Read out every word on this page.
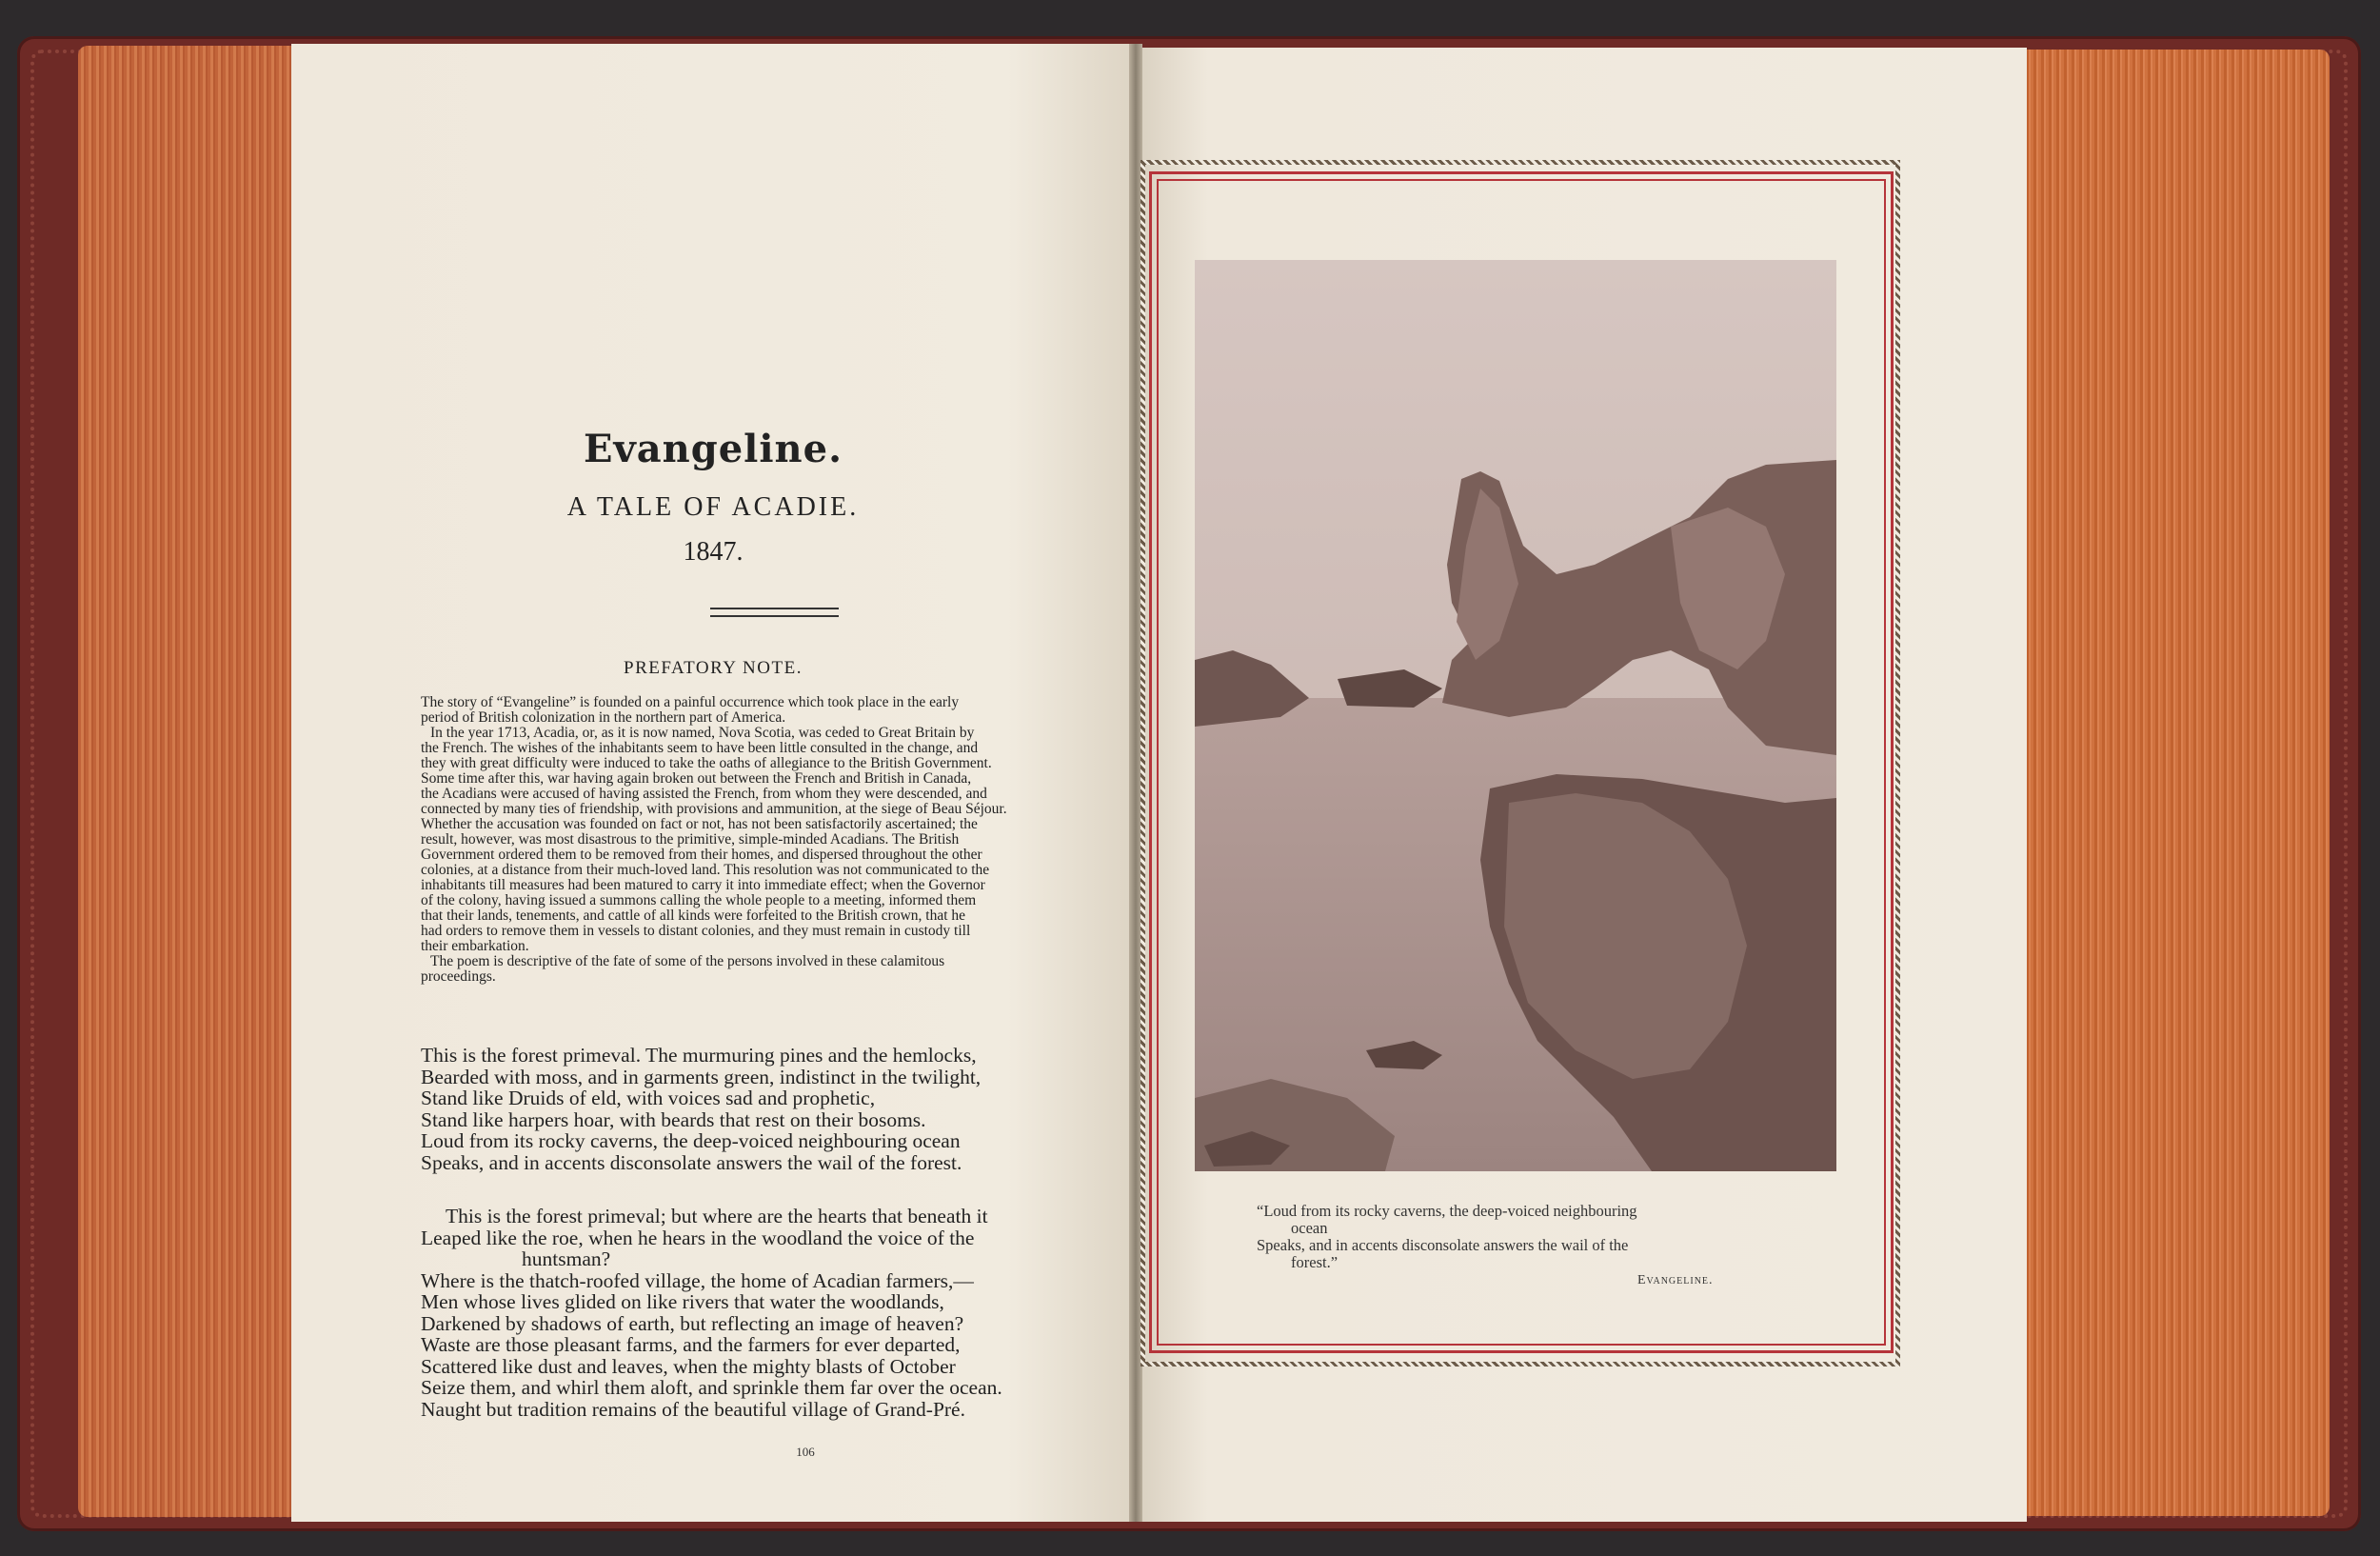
Evangeline.
A TALE OF ACADIE.
1847.
PREFATORY NOTE.

The story of “Evangeline” is founded on a painful occurrence which took place in the early

period of British colonization in the northern part of America.

In the year 1713, Acadia, or, as it is now named, Nova Scotia, was ceded to Great Britain by

the French. The wishes of the inhabitants seem to have been little consulted in the change, and

they with great difficulty were induced to take the oaths of allegiance to the British Government.

Some time after this, war having again broken out between the French and British in Canada,

the Acadians were accused of having assisted the French, from whom they were descended, and

connected by many ties of friendship, with provisions and ammunition, at the siege of Beau Séjour.

Whether the accusation was founded on fact or not, has not been satisfactorily ascertained; the

result, however, was most disastrous to the primitive, simple-minded Acadians. The British

Government ordered them to be removed from their homes, and dispersed throughout the other

colonies, at a distance from their much-loved land. This resolution was not communicated to the

inhabitants till measures had been matured to carry it into immediate effect; when the Governor

of the colony, having issued a summons calling the whole people to a meeting, informed them

that their lands, tenements, and cattle of all kinds were forfeited to the British crown, that he

had orders to remove them in vessels to distant colonies, and they must remain in custody till

their embarkation.

The poem is descriptive of the fate of some of the persons involved in these calamitous

proceedings.

This is the forest primeval. The murmuring pines and the hemlocks,

Bearded with moss, and in garments green, indistinct in the twilight,

Stand like Druids of eld, with voices sad and prophetic,

Stand like harpers hoar, with beards that rest on their bosoms.

Loud from its rocky caverns, the deep-voiced neighbouring ocean

Speaks, and in accents disconsolate answers the wail of the forest.

This is the forest primeval; but where are the hearts that beneath it

Leaped like the roe, when he hears in the woodland the voice of the

huntsman?

Where is the thatch-roofed village, the home of Acadian farmers,—

Men whose lives glided on like rivers that water the woodlands,

Darkened by shadows of earth, but reflecting an image of heaven?

Waste are those pleasant farms, and the farmers for ever departed,

Scattered like dust and leaves, when the mighty blasts of October

Seize them, and whirl them aloft, and sprinkle them far over the ocean.

Naught but tradition remains of the beautiful village of Grand-Pré.

106

“Loud from its rocky caverns, the deep-voiced neighbouring

ocean

Speaks, and in accents disconsolate answers the wail of the

forest.”

Evangeline.
